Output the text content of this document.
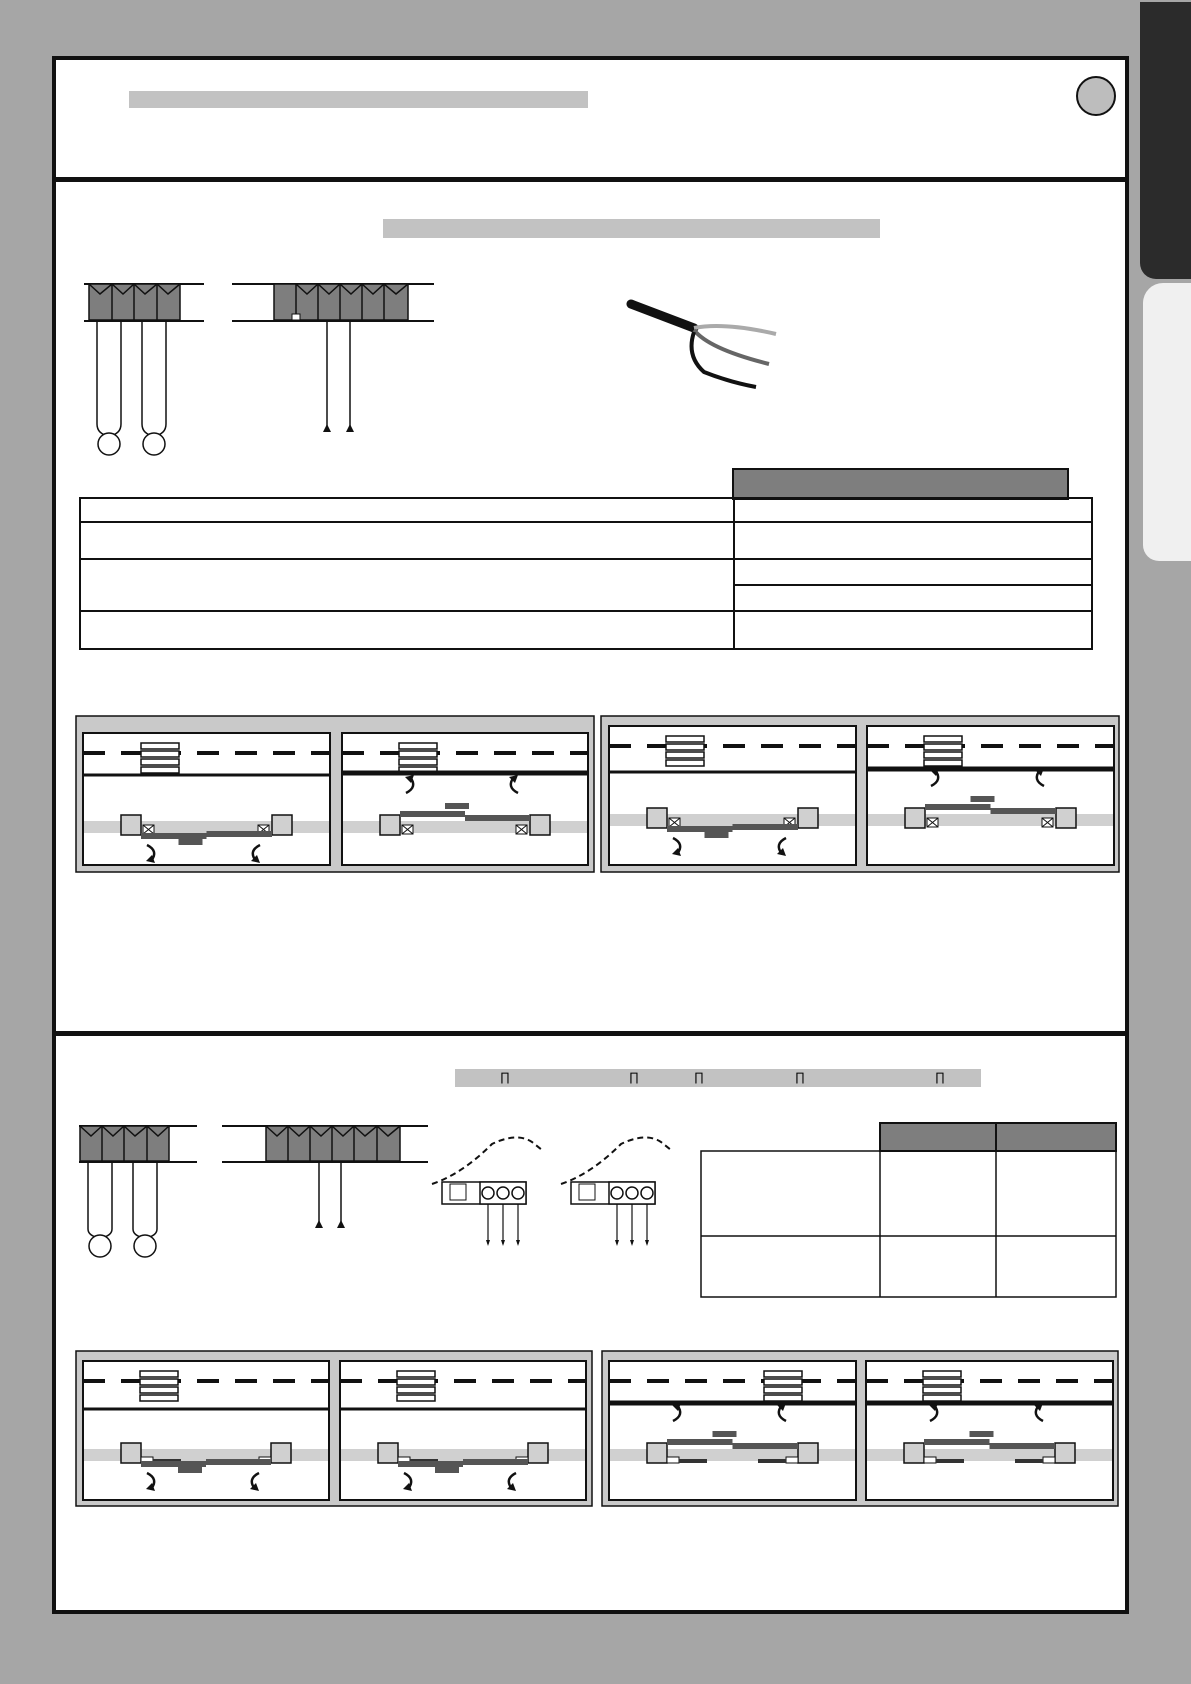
∏	∏	∏	∏	∏
